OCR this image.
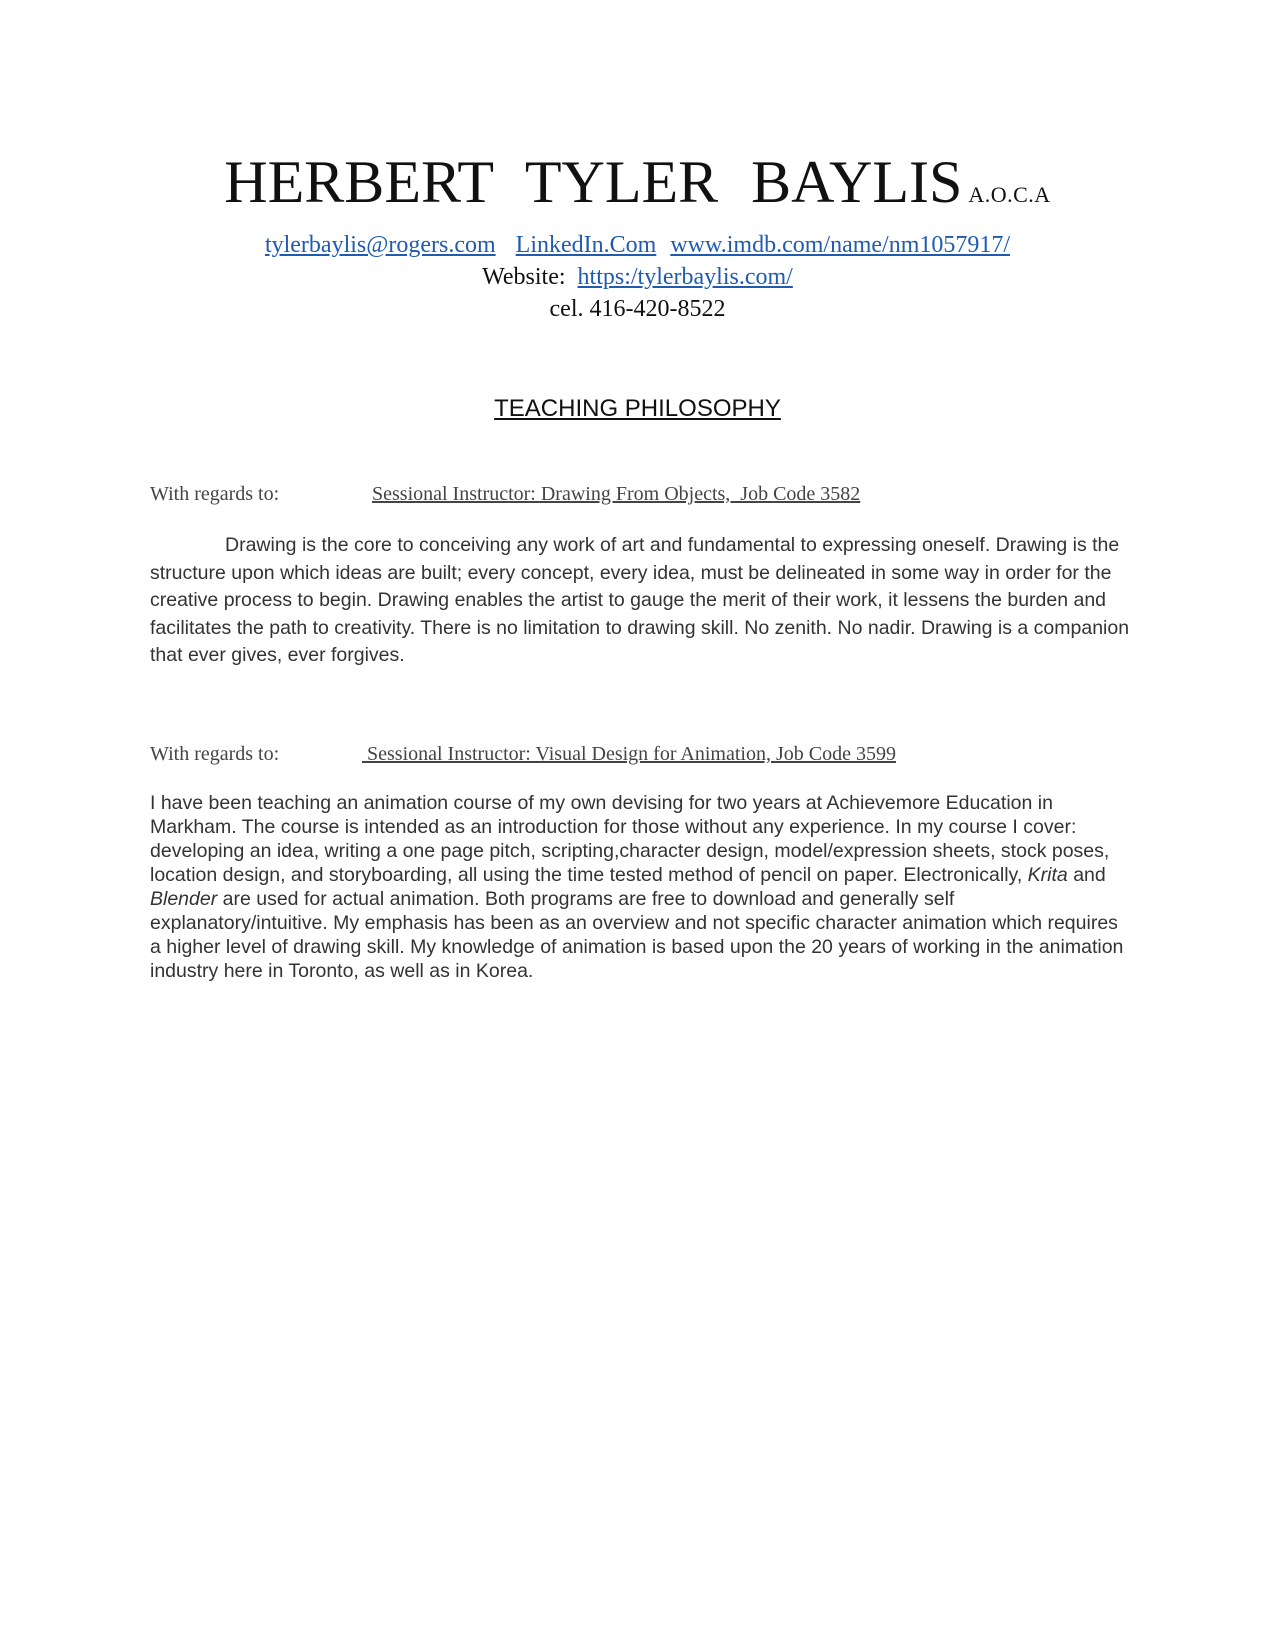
HERBERT TYLER BAYLIS A.O.C.A
tylerbaylis@rogers.com LinkedIn.Com www.imdb.com/name/nm1057917/
Website: https:/tylerbaylis.com/
cel. 416-420-8522
TEACHING PHILOSOPHY
With regards to:	Sessional Instructor: Drawing From Objects,  Job Code 3582
Drawing is the core to conceiving any work of art and fundamental to expressing oneself. Drawing is the structure upon which ideas are built; every concept, every idea, must be delineated in some way in order for the creative process to begin. Drawing enables the artist to gauge the merit of their work, it lessens the burden and facilitates the path to creativity. There is no limitation to drawing skill. No zenith. No nadir. Drawing is a companion that ever gives, ever forgives.
With regards to:	Sessional Instructor: Visual Design for Animation, Job Code 3599
I have been teaching an animation course of my own devising for two years at Achievemore Education in Markham. The course is intended as an introduction for those without any experience. In my course I cover: developing an idea, writing a one page pitch, scripting,character design, model/expression sheets, stock poses, location design, and storyboarding, all using the time tested method of pencil on paper. Electronically, Krita and Blender are used for actual animation. Both programs are free to download and generally self explanatory/intuitive. My emphasis has been as an overview and not specific character animation which requires a higher level of drawing skill. My knowledge of animation is based upon the 20 years of working in the animation industry here in Toronto, as well as in Korea.
